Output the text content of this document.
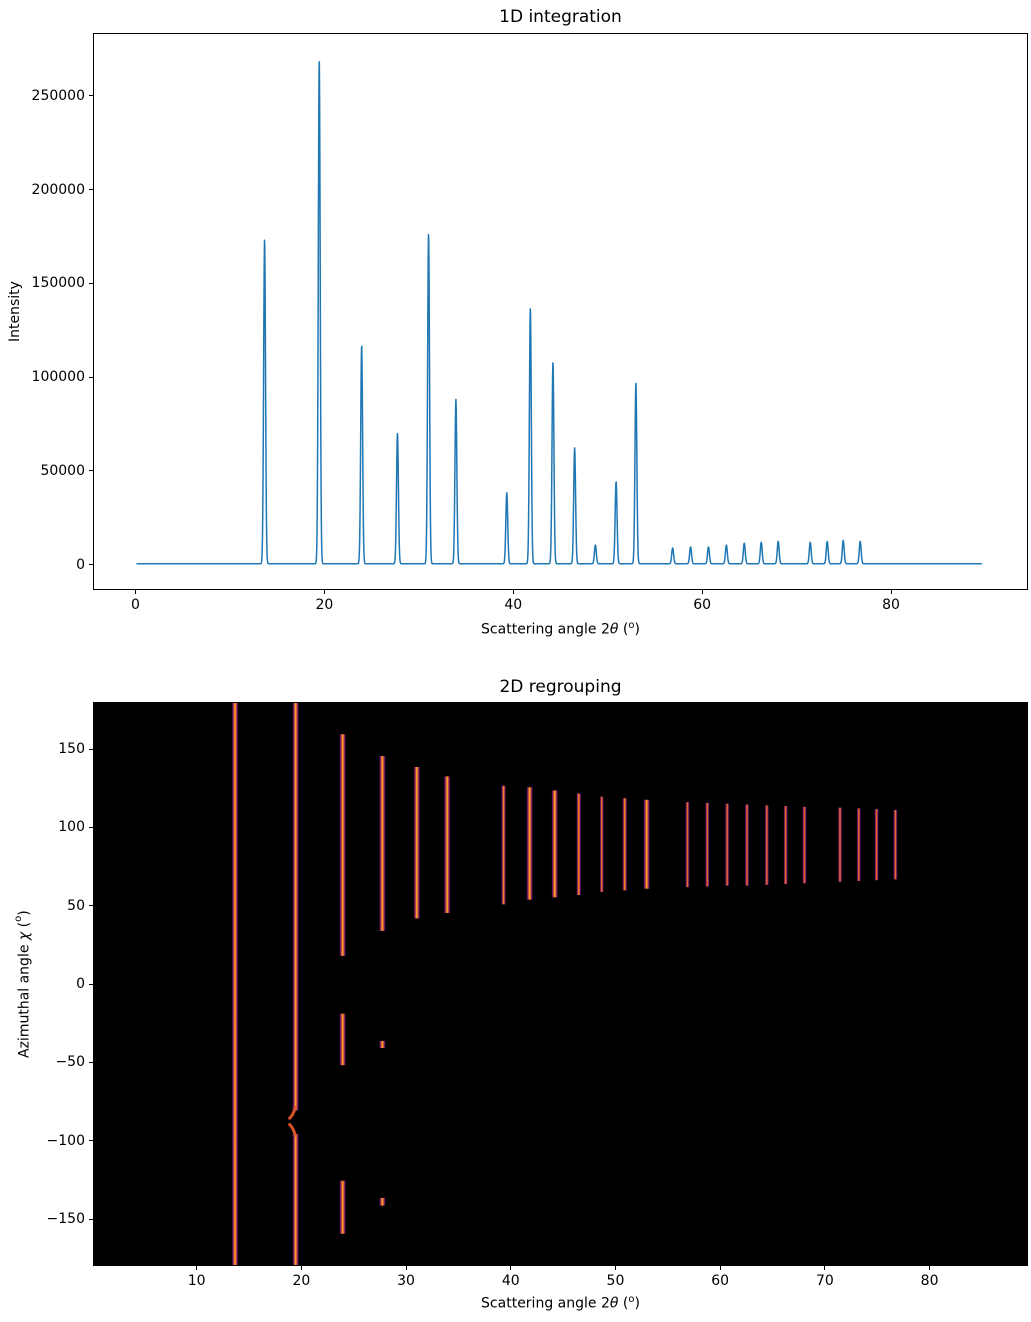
1D integration
Intensity
Scattering angle 2θ ($^o$)
2D regrouping
Azimuthal angle χ ($^o$)
Scattering angle 2θ ($^o$)
0	20	40	60	80
0
50000
100000
150000
200000
250000
10	20	30	40	50	60	70	80
−150
−100
−50
0
50
100
150
